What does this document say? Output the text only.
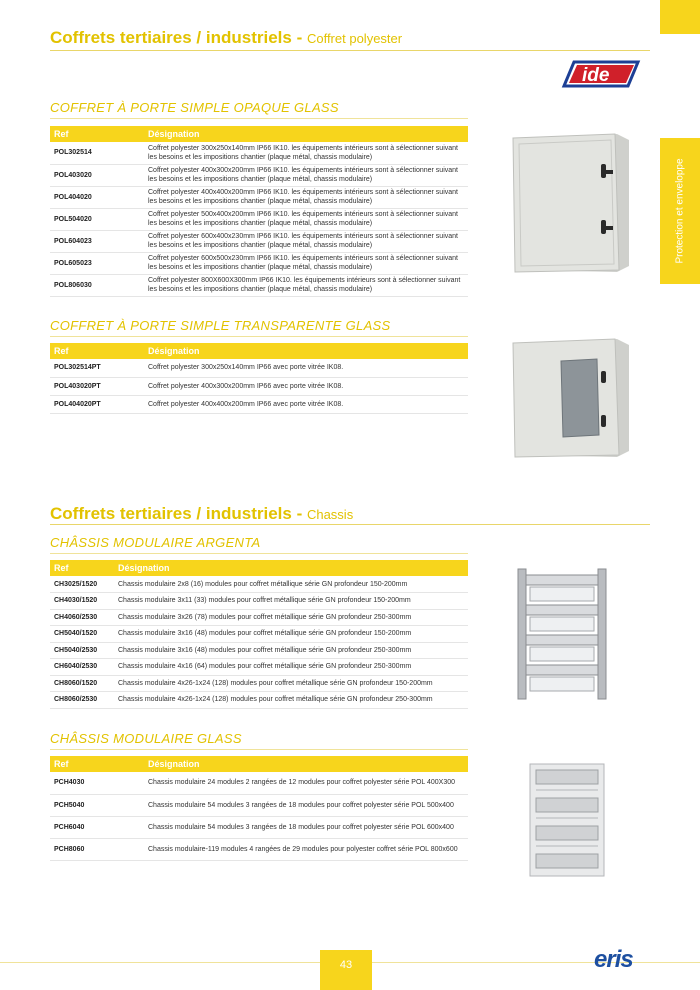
Coffrets tertiaires / industriels - Coffret polyester
ide
Protection et enveloppe
COFFRET À PORTE SIMPLE OPAQUE GLASS
Ref	Désignation
POL302514	Coffret polyester 300x250x140mm IP66 IK10. les équipements intérieurs sont à sélectionner suivant les besoins et les impositions chantier (plaque métal, chassis modulaire)
POL403020	Coffret polyester 400x300x200mm IP66 IK10. les équipements intérieurs sont à sélectionner suivant les besoins et les impositions chantier (plaque métal, chassis modulaire)
POL404020	Coffret polyester 400x400x200mm IP66 IK10. les équipements intérieurs sont à sélectionner suivant les besoins et les impositions chantier (plaque métal, chassis modulaire)
POL504020	Coffret polyester 500x400x200mm IP66 IK10. les équipements intérieurs sont à sélectionner suivant les besoins et les impositions chantier (plaque métal, chassis modulaire)
POL604023	Coffret polyester 600x400x230mm IP66 IK10. les équipements intérieurs sont à sélectionner suivant les besoins et les impositions chantier (plaque métal, chassis modulaire)
POL605023	Coffret polyester 600x500x230mm IP66 IK10. les équipements intérieurs sont à sélectionner suivant les besoins et les impositions chantier (plaque métal, chassis modulaire)
POL806030	Coffret polyester 800X600X300mm IP66 IK10. les équipements intérieurs sont à sélectionner suivant les besoins et les impositions chantier (plaque métal, chassis modulaire)
COFFRET À PORTE SIMPLE TRANSPARENTE GLASS
Ref	Désignation
POL302514PT	Coffret polyester 300x250x140mm IP66 avec porte vitrée IK08.
POL403020PT	Coffret polyester 400x300x200mm IP66 avec porte vitrée IK08.
POL404020PT	Coffret polyester 400x400x200mm IP66 avec porte vitrée IK08.
Coffrets tertiaires / industriels - Chassis
CHÂSSIS MODULAIRE ARGENTA
Ref	Désignation
CH3025/1520	Chassis modulaire 2x8 (16) modules pour coffret métallique série GN profondeur 150-200mm
CH4030/1520	Chassis modulaire 3x11 (33) modules pour coffret métallique série GN profondeur 150-200mm
CH4060/2530	Chassis modulaire 3x26 (78) modules pour coffret métallique série GN profondeur 250-300mm
CH5040/1520	Chassis modulaire 3x16 (48) modules pour coffret métallique série GN profondeur 150-200mm
CH5040/2530	Chassis modulaire 3x16 (48) modules pour coffret métallique série GN profondeur 250-300mm
CH6040/2530	Chassis modulaire 4x16 (64) modules pour coffret métallique série GN profondeur 250-300mm
CH8060/1520	Chassis modulaire 4x26-1x24 (128) modules pour coffret métallique série GN profondeur 150-200mm
CH8060/2530	Chassis modulaire 4x26-1x24 (128) modules pour coffret métallique série GN profondeur 250-300mm
CHÂSSIS MODULAIRE GLASS
Ref	Désignation
PCH4030	Chassis modulaire 24 modules 2 rangées de 12 modules pour coffret polyester série POL 400X300
PCH5040	Chassis modulaire 54 modules 3 rangées de 18 modules pour coffret polyester série POL 500x400
PCH6040	Chassis modulaire 54 modules 3 rangées de 18 modules pour coffret polyester série POL 600x400
PCH8060	Chassis modulaire-119 modules 4 rangées de 29 modules pour polyester coffret série POL 800x600
43	eris
